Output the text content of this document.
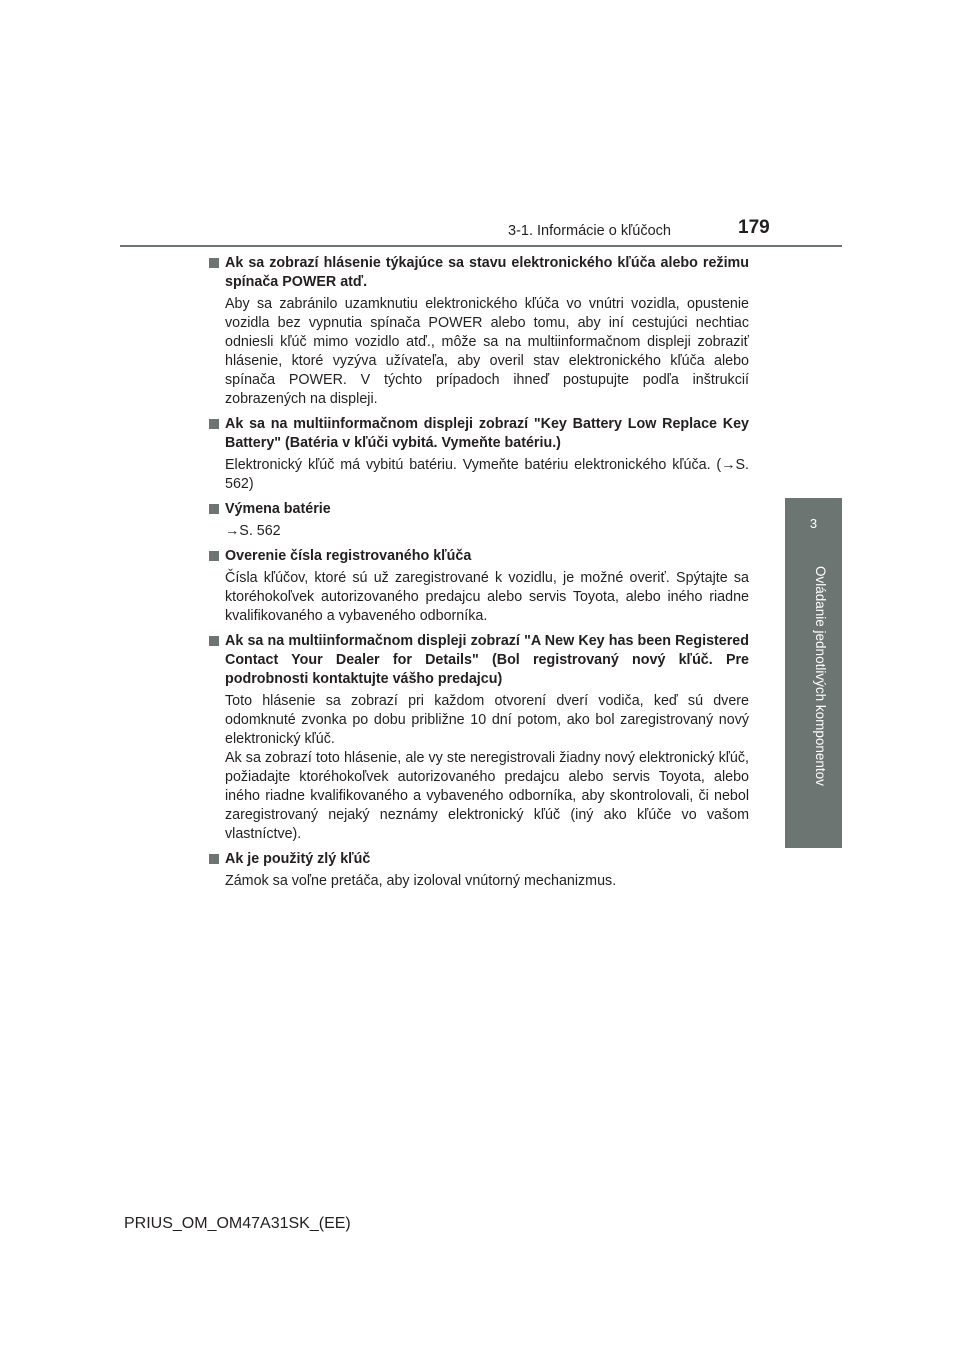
3-1. Informácie o kľúčoch	179
3
Ovládanie jednotlivých komponentov
Ak sa zobrazí hlásenie týkajúce sa stavu elektronického kľúča alebo režimu spínača POWER atď.

Aby sa zabránilo uzamknutiu elektronického kľúča vo vnútri vozidla, opustenie vozidla bez vypnutia spínača POWER alebo tomu, aby iní cestujúci nechtiac odniesli kľúč mimo vozidlo atď., môže sa na multiinformačnom displeji zobraziť hlásenie, ktoré vyzýva užívateľa, aby overil stav elektronického kľúča alebo spínača POWER. V týchto prípadoch ihneď postupujte podľa inštrukcií zobrazených na displeji.

Ak sa na multiinformačnom displeji zobrazí "Key Battery Low Replace Key Battery" (Batéria v kľúči vybitá. Vymeňte batériu.)

Elektronický kľúč má vybitú batériu. Vymeňte batériu elektronického kľúča. (→S. 562)

Výmena batérie

→S. 562

Overenie čísla registrovaného kľúča

Čísla kľúčov, ktoré sú už zaregistrované k vozidlu, je možné overiť. Spýtajte sa ktoréhokoľvek autorizovaného predajcu alebo servis Toyota, alebo iného riadne kvalifikovaného a vybaveného odborníka.

Ak sa na multiinformačnom displeji zobrazí "A New Key has been Registered Contact Your Dealer for Details" (Bol registrovaný nový kľúč. Pre podrobnosti kontaktujte vášho predajcu)

Toto hlásenie sa zobrazí pri každom otvorení dverí vodiča, keď sú dvere odomknuté zvonka po dobu približne 10 dní potom, ako bol zaregistrovaný nový elektronický kľúč.

Ak sa zobrazí toto hlásenie, ale vy ste neregistrovali žiadny nový elektronický kľúč, požiadajte ktoréhokoľvek autorizovaného predajcu alebo servis Toyota, alebo iného riadne kvalifikovaného a vybaveného odborníka, aby skontrolovali, či nebol zaregistrovaný nejaký neznámy elektronický kľúč (iný ako kľúče vo vašom vlastníctve).

Ak je použitý zlý kľúč

Zámok sa voľne pretáča, aby izoloval vnútorný mechanizmus.

PRIUS_OM_OM47A31SK_(EE)
